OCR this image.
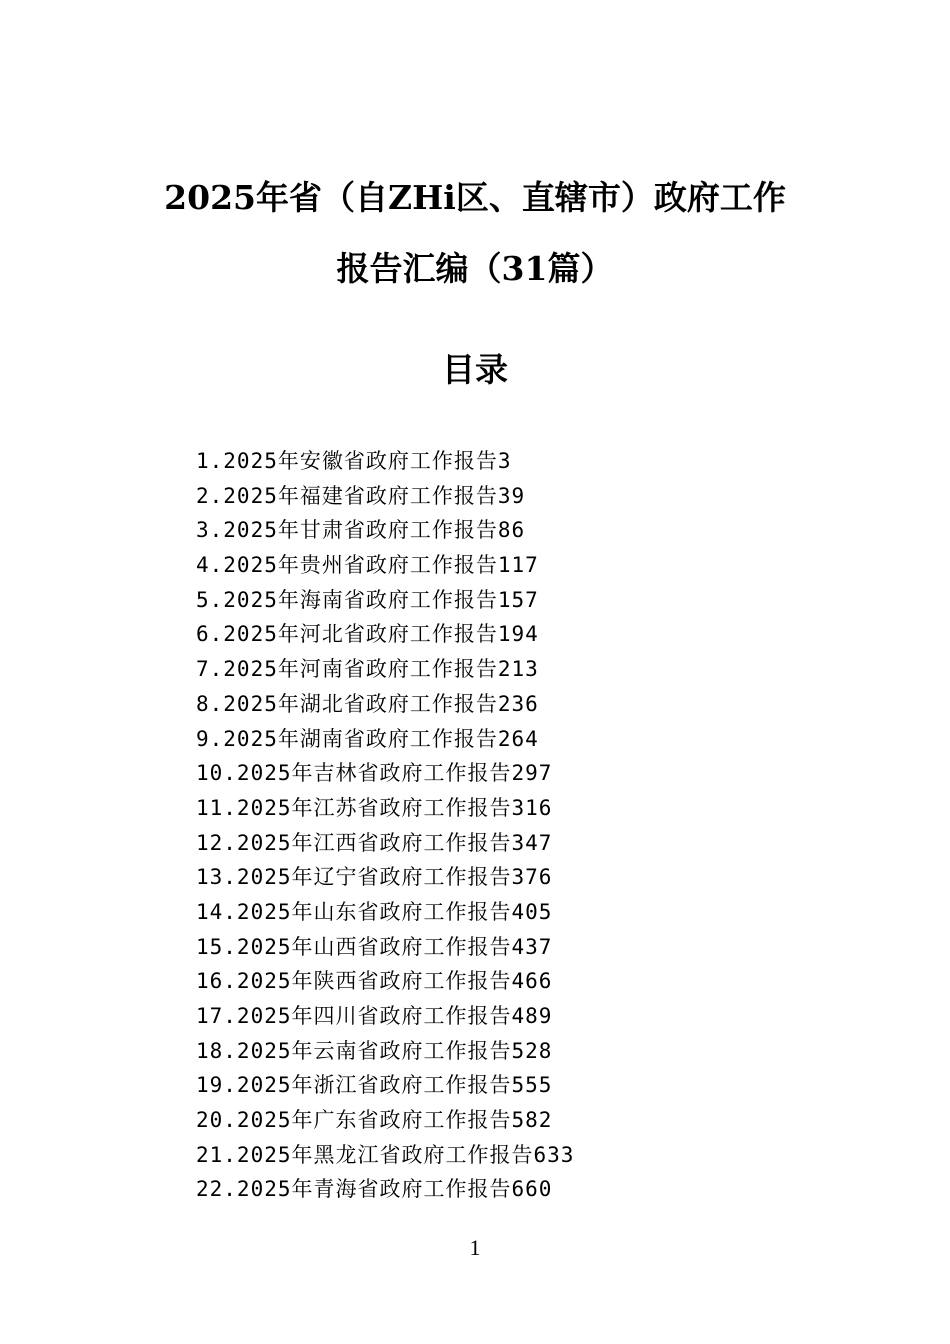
2025年省（自ZHi区、直辖市）政府工作
报告汇编（31篇）
目录
1.2025年安徽省政府工作报告3
2.2025年福建省政府工作报告39
3.2025年甘肃省政府工作报告86
4.2025年贵州省政府工作报告117
5.2025年海南省政府工作报告157
6.2025年河北省政府工作报告194
7.2025年河南省政府工作报告213
8.2025年湖北省政府工作报告236
9.2025年湖南省政府工作报告264
10.2025年吉林省政府工作报告297
11.2025年江苏省政府工作报告316
12.2025年江西省政府工作报告347
13.2025年辽宁省政府工作报告376
14.2025年山东省政府工作报告405
15.2025年山西省政府工作报告437
16.2025年陕西省政府工作报告466
17.2025年四川省政府工作报告489
18.2025年云南省政府工作报告528
19.2025年浙江省政府工作报告555
20.2025年广东省政府工作报告582
21.2025年黑龙江省政府工作报告633
22.2025年青海省政府工作报告660
1
